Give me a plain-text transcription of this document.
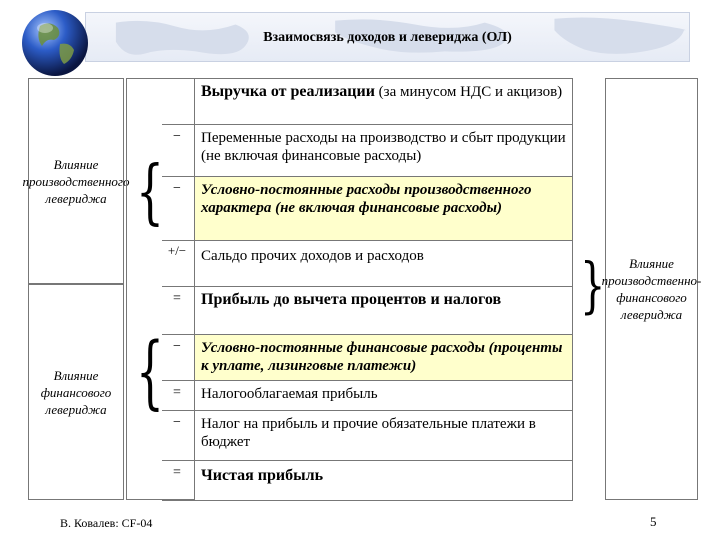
Взаимосвязь доходов и левериджа (ОЛ)
Влияние производственного левериджа
Влияние финансового левериджа
{
{
Выручка от реализации (за минусом НДС и акцизов)
−	Переменные расходы на производство и сбыт продукции (не включая финансовые расходы)
−	Условно-постоянные расходы производственного характера (не включая финансовые расходы)
+/− Сальдо прочих доходов и расходов
=	Прибыль до вычета процентов и налогов
−	Условно-постоянные финансовые расходы (проценты к уплате, лизинговые платежи)
=	Налогооблагаемая прибыль
−	Налог на прибыль и прочие обязательные платежи в бюджет
=	Чистая прибыль
}	Влияние производственно-финансового левериджа
В. Ковалев: CF-04	5
